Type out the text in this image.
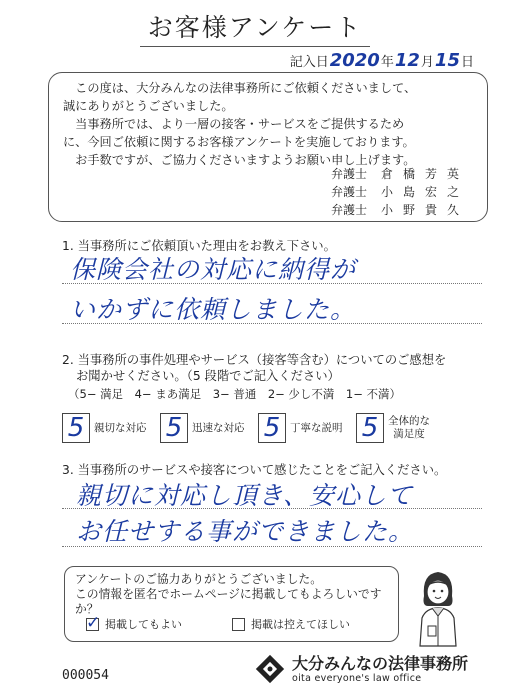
お客様アンケート
記入日 2020 年 12 月 15 日

　この度は、大分みんなの法律事務所にご依頼くださいまして、
誠にありがとうございました。
　当事務所では、より一層の接客・サービスをご提供するため
に、今回ご依頼に関するお客様アンケートを実施しております。
　お手数ですが、ご協力くださいますようお願い申し上げます。

弁護士 倉橋芳英
弁護士 小島宏之
弁護士 小野貴久
1. 当事務所にご依頼頂いた理由をお教え下さい。
保険会社の対応に納得が
いかずに依頼しました。
2. 当事務所の事件処理やサービス（接客等含む）についてのご感想を
お聞かせください。（5 段階でご記入ください）
（5− 満足　4− まあ満足　3− 普通　2− 少し不満　1− 不満）
5 親切な対応 5 迅速な対応 5 丁寧な説明 5 全体的な
満足度
3. 当事務所のサービスや接客について感じたことをご記入ください。
親切に対応し頂き、安心して
お任せする事ができました。
アンケートのご協力ありがとうございました。
この情報を匿名でホームページに掲載してもよろしいですか？
✓ 掲載してもよい	掲載は控えてほしい
000054
大分みんなの法律事務所
oita everyone's law office
